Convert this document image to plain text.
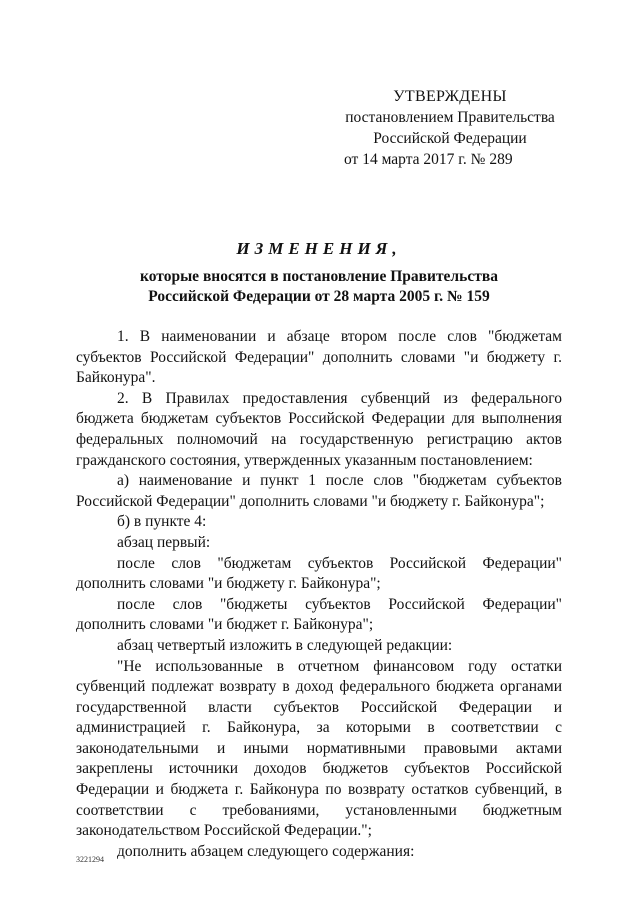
УТВЕРЖДЕНЫ
постановлением Правительства
Российской Федерации
от 14 марта 2017 г. № 289
ИЗМЕНЕНИЯ,
которые вносятся в постановление Правительства
Российской Федерации от 28 марта 2005 г. № 159

1. В наименовании и абзаце втором после слов "бюджетам субъектов Российской Федерации" дополнить словами "и бюджету г. Байконура".

2. В Правилах предоставления субвенций из федерального бюджета бюджетам субъектов Российской Федерации для выполнения федеральных полномочий на государственную регистрацию актов гражданского состояния, утвержденных указанным постановлением:

а) наименование и пункт 1 после слов "бюджетам субъектов Российской Федерации" дополнить словами "и бюджету г. Байконура";

б) в пункте 4:

абзац первый:

после слов "бюджетам субъектов Российской Федерации" дополнить словами "и бюджету г. Байконура";

после слов "бюджеты субъектов Российской Федерации" дополнить словами "и бюджет г. Байконура";

абзац четвертый изложить в следующей редакции:

"Не использованные в отчетном финансовом году остатки субвенций подлежат возврату в доход федерального бюджета органами государственной власти субъектов Российской Федерации и администрацией г. Байконура, за которыми в соответствии с законодательными и иными нормативными правовыми актами закреплены источники доходов бюджетов субъектов Российской Федерации и бюджета г. Байконура по возврату остатков субвенций, в соответствии с требованиями, установленными бюджетным законодательством Российской Федерации.";

дополнить абзацем следующего содержания:

3221294
